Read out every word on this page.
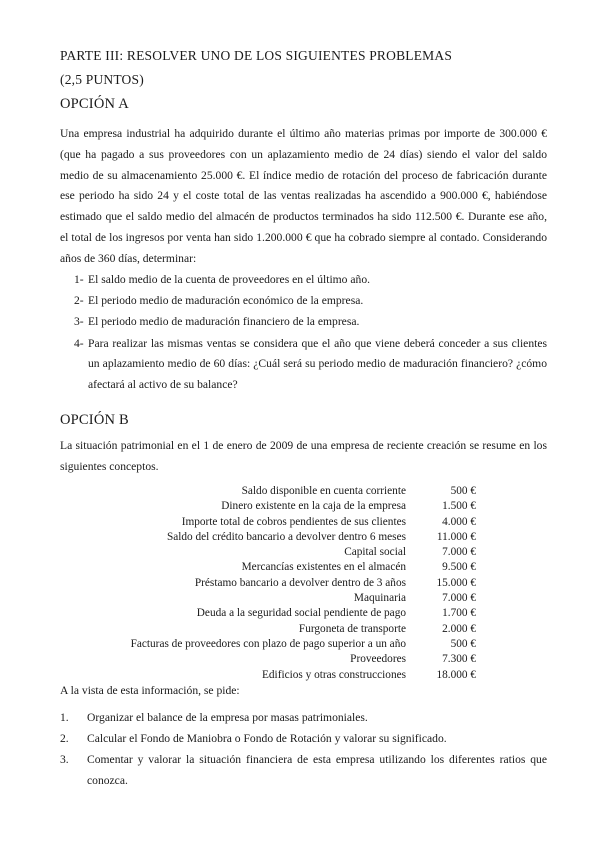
PARTE III: RESOLVER UNO DE LOS SIGUIENTES PROBLEMAS
(2,5 PUNTOS)
OPCIÓN A
Una empresa industrial ha adquirido durante el último año materias primas por importe de 300.000 € (que ha pagado a sus proveedores con un aplazamiento medio de 24 días) siendo el valor del saldo medio de su almacenamiento 25.000 €. El índice medio de rotación del proceso de fabricación durante ese periodo ha sido 24 y el coste total de las ventas realizadas ha ascendido a 900.000 €, habiéndose estimado que el saldo medio del almacén de productos terminados ha sido 112.500 €. Durante ese año, el total de los ingresos por venta han sido 1.200.000 € que ha cobrado siempre al contado. Considerando años de 360 días, determinar:
1- El saldo medio de la cuenta de proveedores en el último año.
2- El periodo medio de maduración económico de la empresa.
3- El periodo medio de maduración financiero de la empresa.
4- Para realizar las mismas ventas se considera que el año que viene deberá conceder a sus clientes un aplazamiento medio de 60 días: ¿Cuál será su periodo medio de maduración financiero? ¿cómo afectará al activo de su balance?
OPCIÓN B
La situación patrimonial en el 1 de enero de 2009 de una empresa de reciente creación se resume en los siguientes conceptos.
Saldo disponible en cuenta corriente	500 €
Dinero existente en la caja de la empresa	1.500 €
Importe total de cobros pendientes de sus clientes	4.000 €
Saldo del crédito bancario a devolver dentro 6 meses	11.000 €
Capital social	7.000 €
Mercancías existentes en el almacén	9.500 €
Préstamo bancario a devolver dentro de 3 años	15.000 €
Maquinaria	7.000 €
Deuda a la seguridad social pendiente de pago	1.700 €
Furgoneta de transporte	2.000 €
Facturas de proveedores con plazo de pago superior a un año	500 €
Proveedores	7.300 €
Edificios y otras construcciones	18.000 €
A la vista de esta información, se pide:
1. Organizar el balance de la empresa por masas patrimoniales.
2. Calcular el Fondo de Maniobra o Fondo de Rotación y valorar su significado.
3. Comentar y valorar la situación financiera de esta empresa utilizando los diferentes ratios que conozca.
